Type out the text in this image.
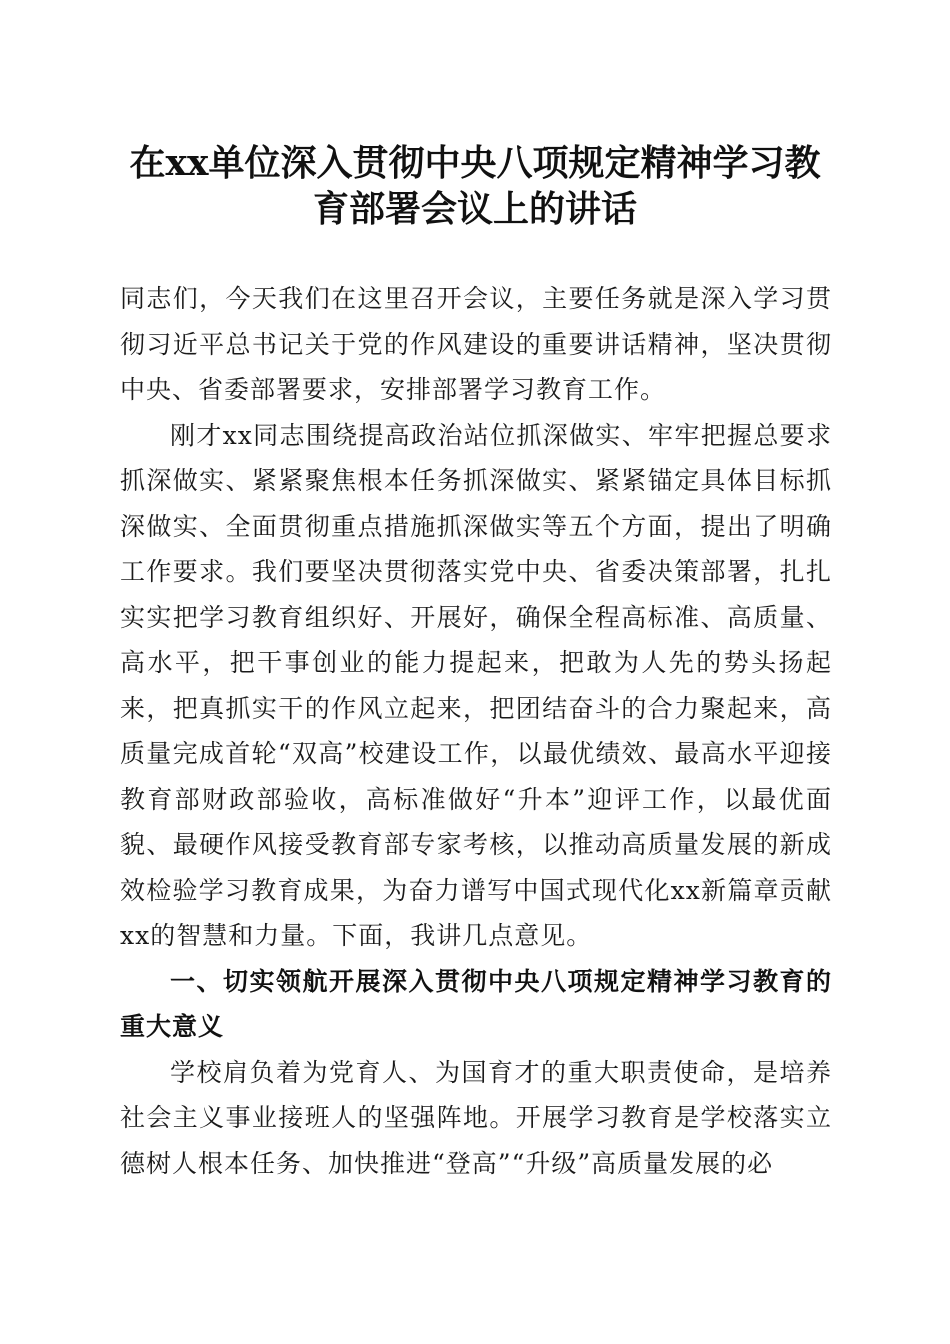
在xx单位深入贯彻中央八项规定精神学习教
育部署会议上的讲话

同志们，今天我们在这里召开会议，主要任务就是深入学习贯彻习近平总书记关于党的作风建设的重要讲话精神，坚决贯彻中央、省委部署要求，安排部署学习教育工作。

刚才xx同志围绕提高政治站位抓深做实、牢牢把握总要求抓深做实、紧紧聚焦根本任务抓深做实、紧紧锚定具体目标抓深做实、全面贯彻重点措施抓深做实等五个方面，提出了明确工作要求。我们要坚决贯彻落实党中央、省委决策部署，扎扎实实把学习教育组织好、开展好，确保全程高标准、高质量、高水平，把干事创业的能力提起来，把敢为人先的势头扬起来，把真抓实干的作风立起来，把团结奋斗的合力聚起来，高质量完成首轮“双高”校建设工作，以最优绩效、最高水平迎接教育部财政部验收，高标准做好“升本”迎评工作，以最优面貌、最硬作风接受教育部专家考核，以推动高质量发展的新成效检验学习教育成果，为奋力谱写中国式现代化xx新篇章贡献xx的智慧和力量。下面，我讲几点意见。

一、切实领航开展深入贯彻中央八项规定精神学习教育的重大意义

学校肩负着为党育人、为国育才的重大职责使命，是培养社会主义事业接班人的坚强阵地。开展学习教育是学校落实立德树人根本任务、加快推进“登高”“升级”高质量发展的必
